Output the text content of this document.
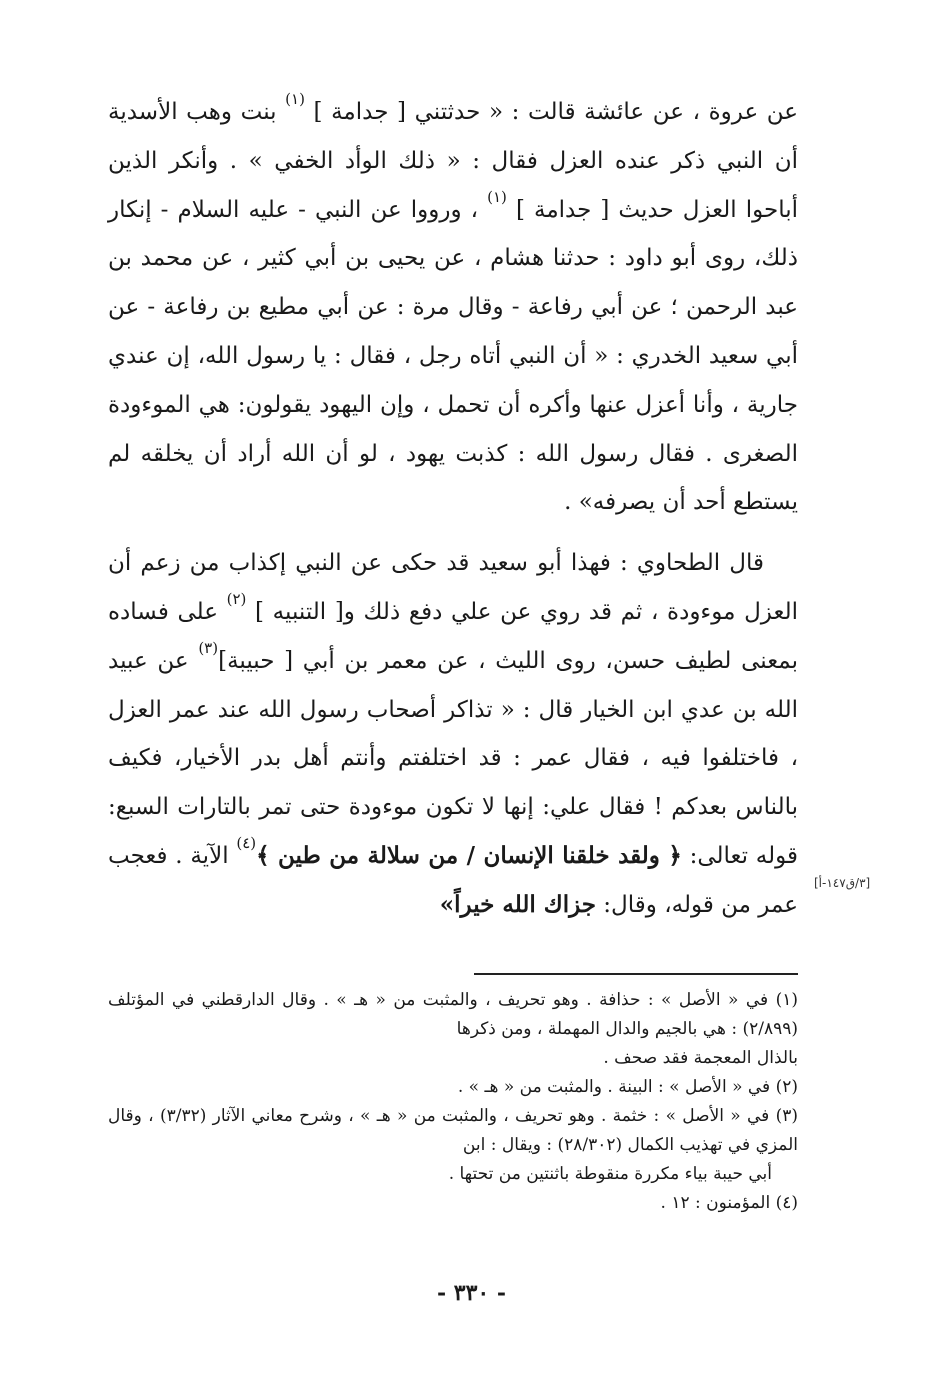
عن عروة ، عن عائشة قالت : « حدثتني [ جدامة ] $^{(١)}$ بنت وهب الأسدية أن النبي ذكر عنده العزل فقال : « ذلك الوأد الخفي » . وأنكر الذين أباحوا العزل حديث [ جدامة ] $^{(١)}$ ، ورووا عن النبي - عليه السلام - إنكار ذلك، روى أبو داود : حدثنا هشام ، عن يحيى بن أبي كثير ، عن محمد بن عبد الرحمن ؛ عن أبي رفاعة - وقال مرة : عن أبي مطيع بن رفاعة - عن أبي سعيد الخدري : « أن النبي أتاه رجل ، فقال : يا رسول الله، إن عندي جارية ، وأنا أعزل عنها وأكره أن تحمل ، وإن اليهود يقولون: هي الموءودة الصغرى . فقال رسول الله : كذبت يهود ، لو أن الله أراد أن يخلقه لم يستطع أحد أن يصرفه» .

قال الطحاوي : فهذا أبو سعيد قد حكى عن النبي إكذاب من زعم أن العزل موءودة ، ثم قد روي عن علي دفع ذلك و[ التنبيه ] $^{(٢)}$ على فساده بمعنى لطيف حسن، روى الليث ، عن معمر بن أبي [ حبيبة]$^{(٣)}$ عن عبيد الله بن عدي ابن الخيار قال : « تذاكر أصحاب رسول الله عند عمر العزل ، فاختلفوا فيه ، فقال عمر : قد اختلفتم وأنتم أهل بدر الأخيار، فكيف بالناس بعدكم ! فقال علي: إنها لا تكون موءودة حتى تمر بالتارات السبع: قوله تعالى: ﴿ ولقد خلقنا الإنسان / من سلالة من طين ﴾$^{(٤)}$ الآية . فعجب عمر من قوله، وقال: جزاك الله خيراً»

(١) في « الأصل » : حذافة . وهو تحريف ، والمثبت من « هـ » . وقال الدارقطني في المؤتلف (٢/٨٩٩) : هي بالجيم والدال المهملة ، ومن ذكرها

بالذال المعجمة فقد صحف .

(٢) في « الأصل » : البينة . والمثبت من « هـ » .

(٣) في « الأصل » : خثمة . وهو تحريف ، والمثبت من « هـ » ، وشرح معاني الآثار (٣/٣٢) ، وقال المزي في تهذيب الكمال (٢٨/٣٠٢) : ويقال : ابن

أبي حيبة بياء مكررة منقوطة باثنتين من تحتها .

(٤) المؤمنون : ١٢ .

[٣/ق١٤٧-أ]
- ٣٣٠ -
